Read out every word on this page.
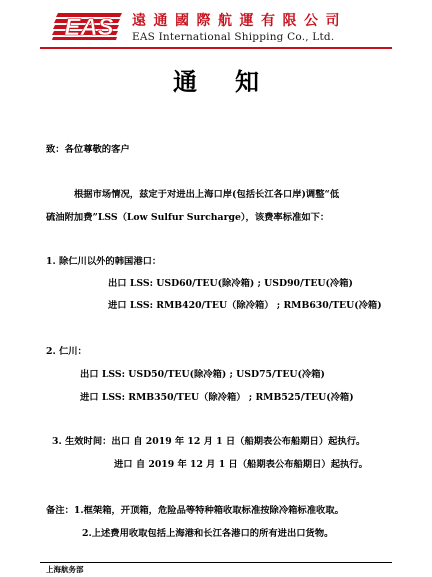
EAS 遠通國際航運有限公司
EAS International Shipping Co., Ltd.
通知
致：各位尊敬的客户
根据市场情况，兹定于对进出上海口岸(包括长江各口岸)调整“低
硫油附加费”LSS（Low Sulfur Surcharge），该费率标准如下：
1. 除仁川以外的韩国港口：
出口 LSS: USD60/TEU(除冷箱) ; USD90/TEU(冷箱)
进口 LSS: RMB420/TEU（除冷箱） ; RMB630/TEU(冷箱)
2. 仁川：
出口 LSS: USD50/TEU(除冷箱) ; USD75/TEU(冷箱)
进口 LSS: RMB350/TEU（除冷箱） ; RMB525/TEU(冷箱)
3. 生效时间：出口 自 2019 年 12 月 1 日（船期表公布船期日）起执行。
进口 自 2019 年 12 月 1 日（船期表公布船期日）起执行。
备注：1.框架箱，开顶箱，危险品等特种箱收取标准按除冷箱标准收取。
2.上述费用收取包括上海港和长江各港口的所有进出口货物。
上海航务部
